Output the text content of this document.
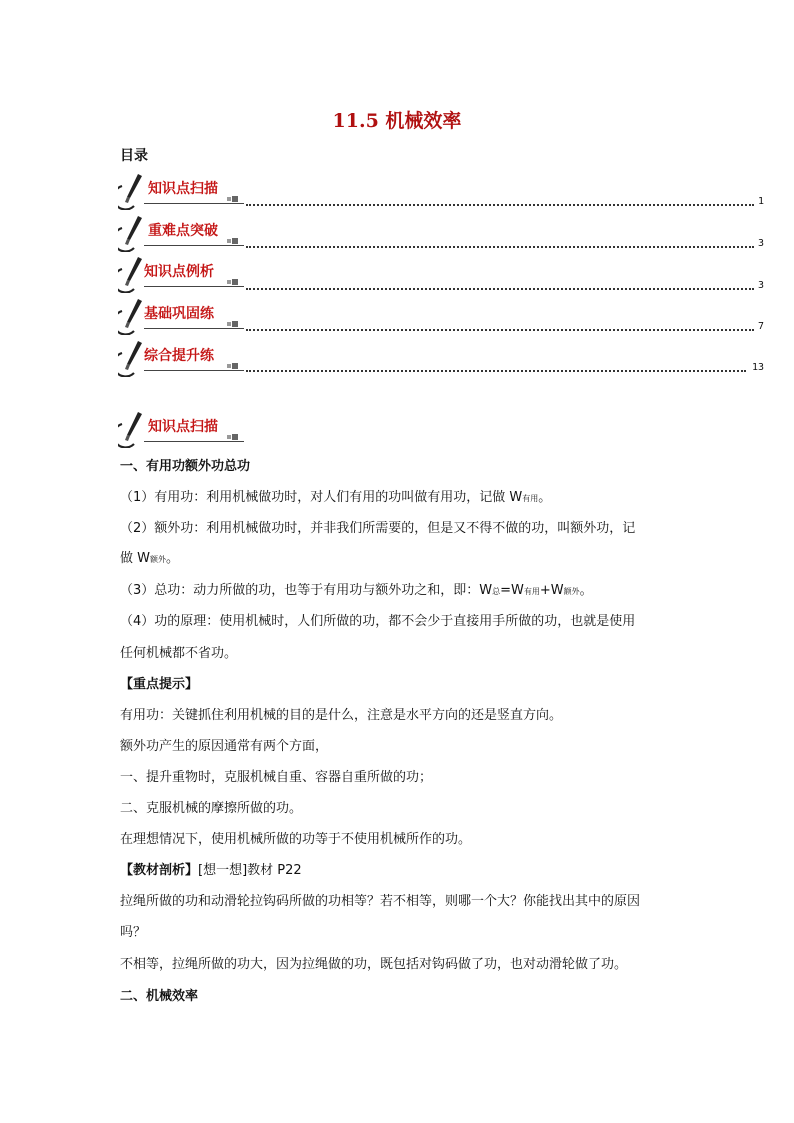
11.5 机械效率
目录
知识点扫描
1
重难点突破
3
知识点例析
3
基础巩固练
7
综合提升练
13
知识点扫描
一、有用功额外功总功
（1）有用功：利用机械做功时，对人们有用的功叫做有用功，记做 W有用。
（2）额外功：利用机械做功时，并非我们所需要的，但是又不得不做的功，叫额外功，记
做 W额外。
（3）总功：动力所做的功，也等于有用功与额外功之和，即：W总=W有用+W额外。
（4）功的原理：使用机械时，人们所做的功，都不会少于直接用手所做的功，也就是使用
任何机械都不省功。
【重点提示】
有用功：关键抓住利用机械的目的是什么，注意是水平方向的还是竖直方向。
额外功产生的原因通常有两个方面，
一、提升重物时，克服机械自重、容器自重所做的功；
二、克服机械的摩擦所做的功。
在理想情况下，使用机械所做的功等于不使用机械所作的功。
【教材剖析】[想一想]教材 P22
拉绳所做的功和动滑轮拉钩码所做的功相等？若不相等，则哪一个大？你能找出其中的原因
吗？
不相等，拉绳所做的功大，因为拉绳做的功，既包括对钩码做了功，也对动滑轮做了功。
二、机械效率
